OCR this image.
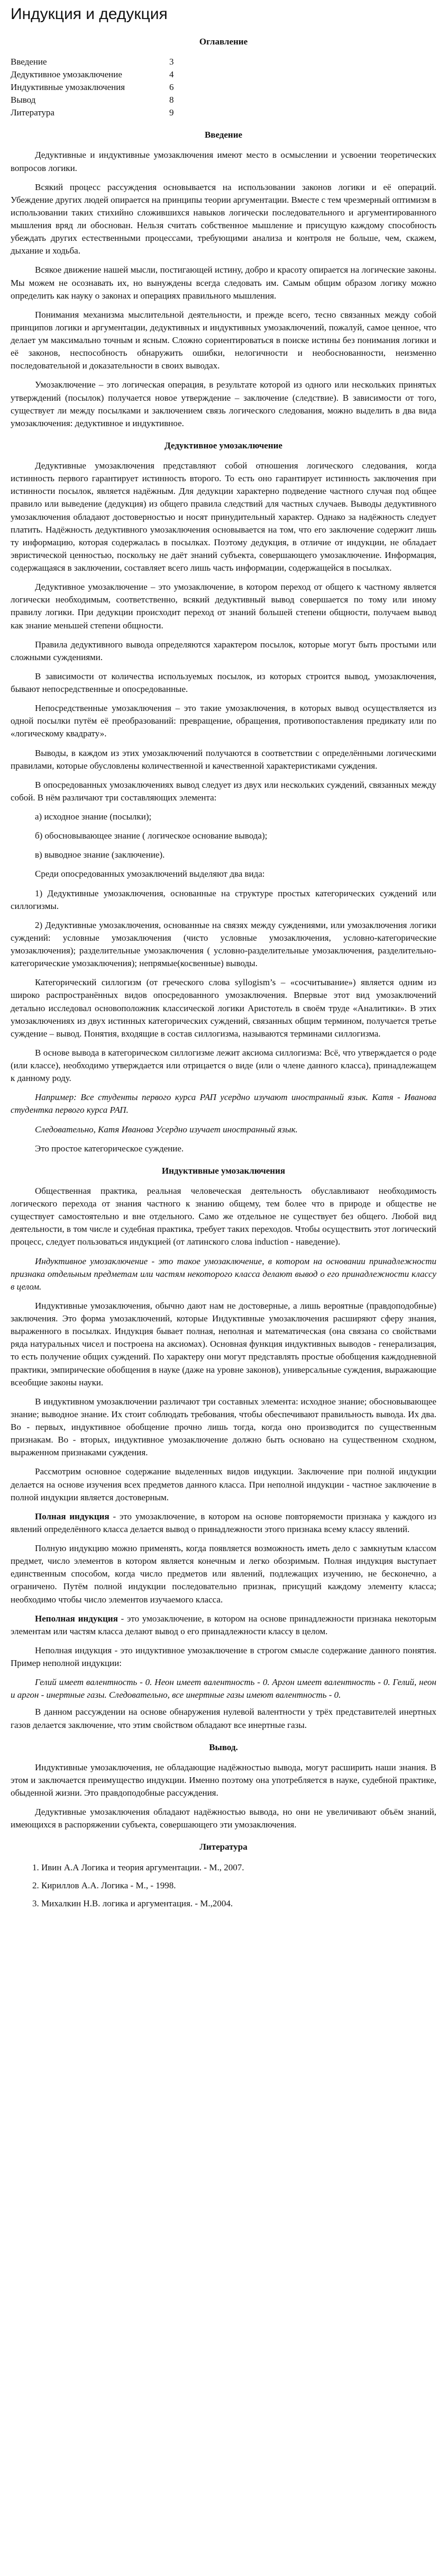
Индукция и дедукция
Оглавление
Введение	3
Дедуктивное умозаключение	4
Индуктивные умозаключения	6
Вывод	8
Литература	9
Введение

Дедуктивные и индуктивные умозаключения имеют место в осмыслении и усвоении теоретических вопросов логики.

Всякий процесс рассуждения основывается на использовании законов логики и её операций. Убеждение других людей опирается на принципы теории аргументации. Вместе с тем чрезмерный оптимизм в использовании таких стихийно сложившихся навыков логически последовательного и аргументированного мышления вряд ли обоснован. Нельзя считать собственное мышление и присущую каждому способность убеждать других естественными процессами, требующими анализа и контроля не больше, чем, скажем, дыхание и ходьба.

Всякое движение нашей мысли, постигающей истину, добро и красоту опирается на логические законы. Мы можем не осознавать их, но вынуждены всегда следовать им. Самым общим образом логику можно определить как науку о законах и операциях правильного мышления.

Понимания механизма мыслительной деятельности, и прежде всего, тесно связанных между собой принципов логики и аргументации, дедуктивных и индуктивных умозаключений, пожалуй, самое ценное, что делает ум максимально точным и ясным. Сложно сориентироваться в поиске истины без понимания логики и её законов, неспособность обнаружить ошибки, нелогичности и необоснованности, неизменно последовательной и доказательности в своих выводах.

Умозаключение – это логическая операция, в результате которой из одного или нескольких принятых утверждений (посылок) получается новое утверждение – заключение (следствие). В зависимости от того, существует ли между посылками и заключением связь логического следования, можно выделить в два вида умозаключения: дедуктивное и индуктивное.

Дедуктивное умозаключение

Дедуктивные умозаключения представляют собой отношения логического следования, когда истинность первого гарантирует истинность второго. То есть оно гарантирует истинность заключения при истинности посылок, является надёжным. Для дедукции характерно подведение частного случая под общее правило или выведение (дедукция) из общего правила следствий для частных случаев. Выводы дедуктивного умозаключения обладают достоверностью и носят принудительный характер. Однако за надёжность следует платить. Надёжность дедуктивного умозаключения основывается на том, что его заключение содержит лишь ту информацию, которая содержалась в посылках. Поэтому дедукция, в отличие от индукции, не обладает эвристической ценностью, поскольку не даёт знаний субъекта, совершающего умозаключение. Информация, содержащаяся в заключении, составляет всего лишь часть информации, содержащейся в посылках.

Дедуктивное умозаключение – это умозаключение, в котором переход от общего к частному является логически необходимым, соответственно, всякий дедуктивный вывод совершается по тому или иному правилу логики. При дедукции происходит переход от знаний большей степени общности, получаем вывод как знание меньшей степени общности.

Правила дедуктивного вывода определяются характером посылок, которые могут быть простыми или сложными суждениями.

В зависимости от количества используемых посылок, из которых строится вывод, умозаключения, бывают непосредственные и опосредованные.

Непосредственные умозаключения – это такие умозаключения, в которых вывод осуществляется из одной посылки путём её преобразований: превращение, обращения, противопоставления предикату или по «логическому квадрату».

Выводы, в каждом из этих умозаключений получаются в соответствии с определёнными логическими правилами, которые обусловлены количественной и качественной характеристиками суждения.

В опосредованных умозаключениях вывод следует из двух или нескольких суждений, связанных между собой. В нём различают три составляющих элемента:

а) исходное знание (посылки);

б) обосновывающее знание ( логическое основание вывода);

в) выводное знание (заключение).

Среди опосредованных умозаключений выделяют два вида:

1) Дедуктивные умозаключения, основанные на структуре простых категорических суждений или силлогизмы.

2) Дедуктивные умозаключения, основанные на связях между суждениями, или умозаключения логики суждений: условные умозаключения (чисто условные умозаключения, условно-категорические умозаключения); разделительные умозаключения ( условно-разделительные умозаключения, разделительно-категорические умозаключения); непрямые(косвенные) выводы.

Категорический силлогизм (от греческого слова syllogism’s – «сосчитывание») является одним из широко распространённых видов опосредованного умозаключения. Впервые этот вид умозаключений детально исследовал основоположник классической логики Аристотель в своём труде «Аналитики». В этих умозаключениях из двух истинных категорических суждений, связанных общим термином, получается третье суждение – вывод. Понятия, входящие в состав силлогизма, называются терминами силлогизма.

В основе вывода в категорическом силлогизме лежит аксиома силлогизма: Всё, что утверждается о роде (или классе), необходимо утверждается или отрицается о виде (или о члене данного класса), принадлежащем к данному роду.

Например: Все студенты первого курса РАП усердно изучают иностранный язык. Катя - Иванова студентка первого курса РАП.

Следовательно, Катя Иванова Усердно изучает иностранный язык.

Это простое категорическое суждение.

Индуктивные умозаключения

Общественная практика, реальная человеческая деятельность обуславливают необходимость логического перехода от знания частного к знанию общему, тем более что в природе и обществе не существует самостоятельно и вне отдельного. Само же отдельное не существует без общего. Любой вид деятельности, в том числе и судебная практика, требует таких переходов. Чтобы осуществить этот логический процесс, следует пользоваться индукцией (от латинского слова induction - наведение).

Индуктивное умозаключение - это такое умозаключение, в котором на основании принадлежности признака отдельным предметам или частям некоторого класса делают вывод о его принадлежности классу в целом.

Индуктивные умозаключения, обычно дают нам не достоверные, а лишь вероятные (правдоподобные) заключения. Это форма умозаключений, которые Индуктивные умозаключения расширяют сферу знания, выраженного в посылках. Индукция бывает полная, неполная и математическая (она связана со свойствами ряда натуральных чисел и построена на аксиомах). Основная функция индуктивных выводов - генерализация, то есть получение общих суждений. По характеру они могут представлять простые обобщения каждодневной практики, эмпирические обобщения в науке (даже на уровне законов), универсальные суждения, выражающие всеобщие законы науки.

В индуктивном умозаключении различают три составных элемента: исходное знание; обосновывающее знание; выводное знание. Их стоит соблюдать требования, чтобы обеспечивают правильность вывода. Их два. Во - первых, индуктивное обобщение прочно лишь тогда, когда оно производится по существенным признакам. Во - вторых, индуктивное умозаключение должно быть основано на существенном сходном, выраженном признаками суждения.

Рассмотрим основное содержание выделенных видов индукции. Заключение при полной индукции делается на основе изучения всех предметов данного класса. При неполной индукции - частное заключение в полной индукции является достоверным.

Полная индукция - это умозаключение, в котором на основе повторяемости признака у каждого из явлений определённого класса делается вывод о принадлежности этого признака всему классу явлений.

Полную индукцию можно применять, когда появляется возможность иметь дело с замкнутым классом предмет, число элементов в котором является конечным и легко обозримым. Полная индукция выступает единственным способом, когда число предметов или явлений, подлежащих изучению, не бесконечно, а ограничено. Путём полной индукции последовательно признак, присущий каждому элементу класса; необходимо чтобы число элементов изучаемого класса.

Неполная индукция - это умозаключение, в котором на основе принадлежности признака некоторым элементам или частям класса делают вывод о его принадлежности классу в целом.

Неполная индукция - это индуктивное умозаключение в строгом смысле содержание данного понятия. Пример неполной индукции:

Гелий имеет валентность - 0. Неон имеет валентность - 0. Аргон имеет валентность - 0. Гелий, неон и аргон - инертные газы. Следовательно, все инертные газы имеют валентность - 0.

В данном рассуждении на основе обнаружения нулевой валентности у трёх представителей инертных газов делается заключение, что этим свойством обладают все инертные газы.

Вывод.

Индуктивные умозаключения, не обладающие надёжностью вывода, могут расширить наши знания. В этом и заключается преимущество индукции. Именно поэтому она употребляется в науке, судебной практике, обыденной жизни. Это правдоподобные рассуждения.

Дедуктивные умозаключения обладают надёжностью вывода, но они не увеличивают объём знаний, имеющихся в распоряжении субъекта, совершающего эти умозаключения.

Литература
1. Ивин А.А Логика и теория аргументации. - М., 2007.
2. Кириллов А.А. Логика - М., - 1998.
3. Михалкин Н.В. логика и аргументация. - М.,2004.
